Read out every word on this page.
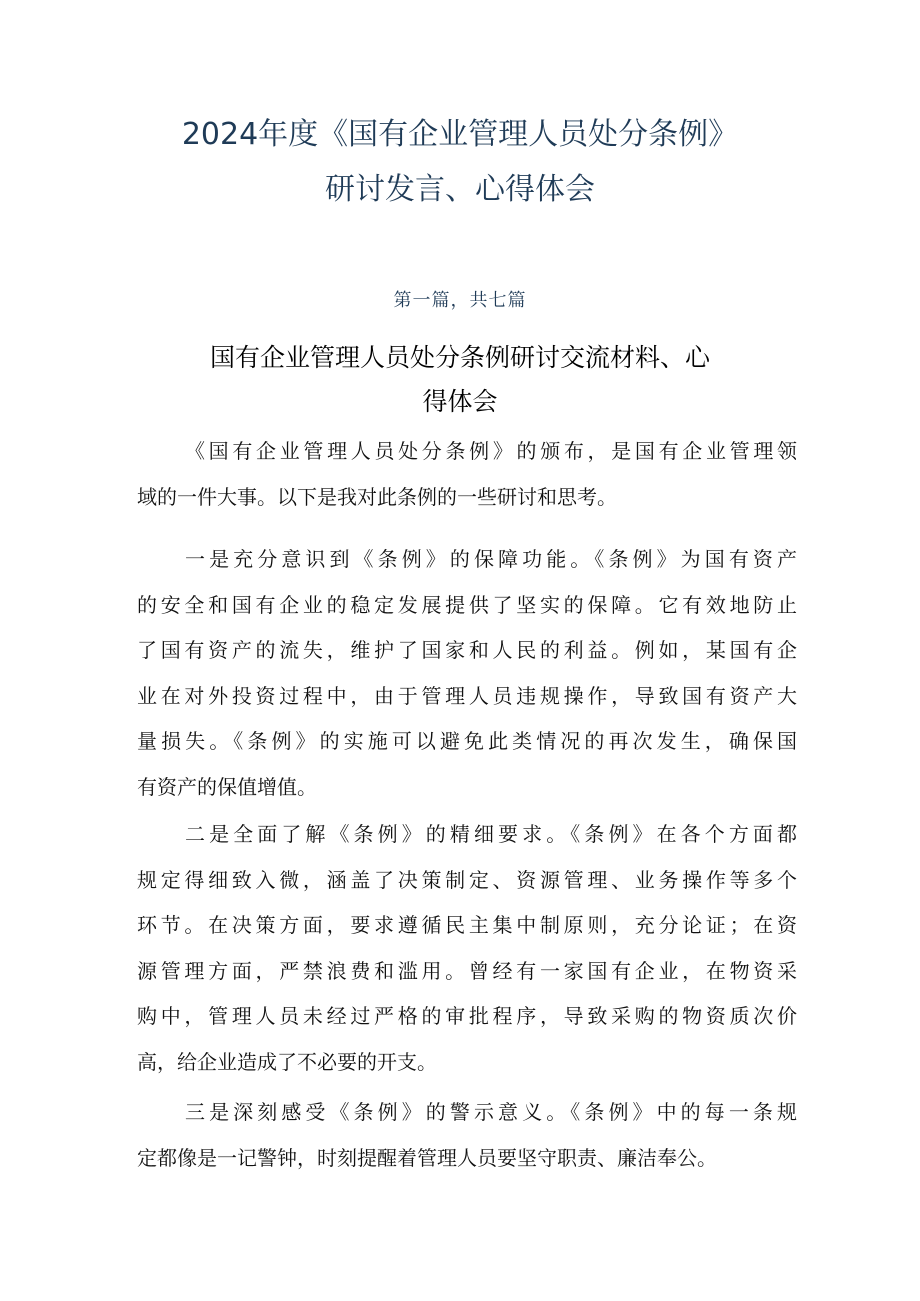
2024年度《国有企业管理人员处分条例》
研讨发言、心得体会
第一篇，共七篇
国有企业管理人员处分条例研讨交流材料、心
得体会
《国有企业管理人员处分条例》的颁布，是国有企业管理领
域的一件大事。以下是我对此条例的一些研讨和思考。
一是充分意识到《条例》的保障功能。《条例》为国有资产
的安全和国有企业的稳定发展提供了坚实的保障。它有效地防止
了国有资产的流失，维护了国家和人民的利益。例如，某国有企
业在对外投资过程中，由于管理人员违规操作，导致国有资产大
量损失。《条例》的实施可以避免此类情况的再次发生，确保国
有资产的保值增值。
二是全面了解《条例》的精细要求。《条例》在各个方面都
规定得细致入微，涵盖了决策制定、资源管理、业务操作等多个
环节。在决策方面，要求遵循民主集中制原则，充分论证；在资
源管理方面，严禁浪费和滥用。曾经有一家国有企业，在物资采
购中，管理人员未经过严格的审批程序，导致采购的物资质次价
高，给企业造成了不必要的开支。
三是深刻感受《条例》的警示意义。《条例》中的每一条规
定都像是一记警钟，时刻提醒着管理人员要坚守职责、廉洁奉公。
